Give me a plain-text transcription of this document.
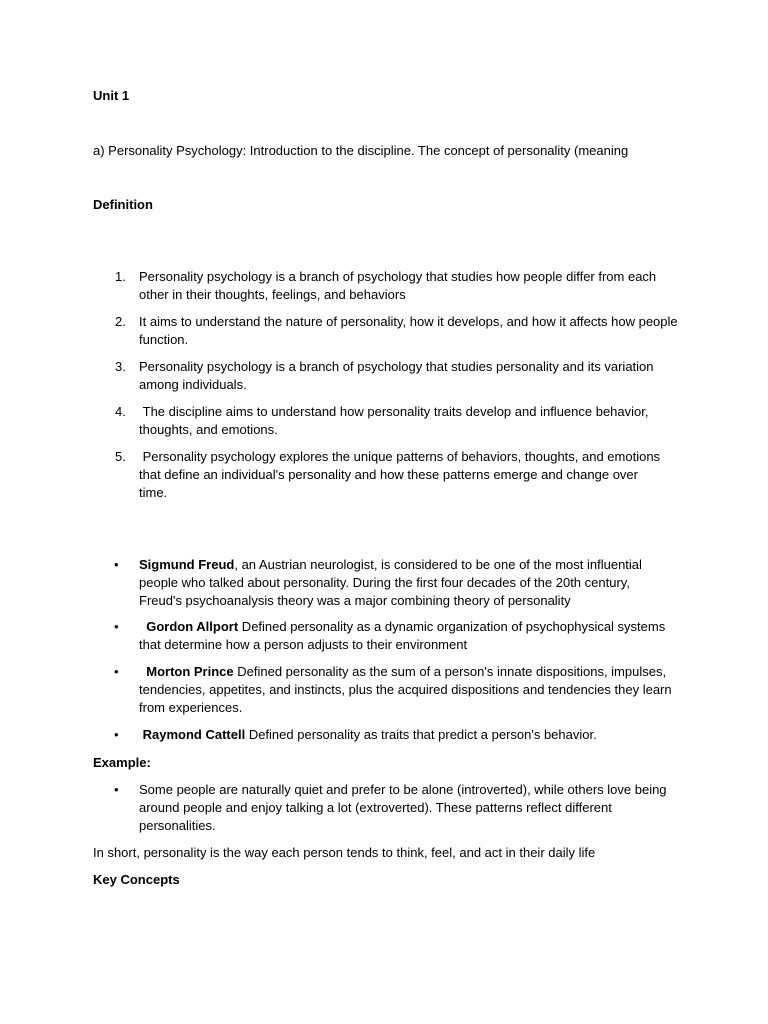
Unit 1
a) Personality Psychology: Introduction to the discipline. The concept of personality (meaning
Definition
1.	Personality psychology is a branch of psychology that studies how people differ from each other in their thoughts, feelings, and behaviors
2.	It aims to understand the nature of personality, how it develops, and how it affects how people function.
3.	Personality psychology is a branch of psychology that studies personality and its variation among individuals.
4.	The discipline aims to understand how personality traits develop and influence behavior, thoughts, and emotions.
5.	Personality psychology explores the unique patterns of behaviors, thoughts, and emotions that define an individual's personality and how these patterns emerge and change over time.
•	Sigmund Freud, an Austrian neurologist, is considered to be one of the most influential people who talked about personality. During the first four decades of the 20th century, Freud's psychoanalysis theory was a major combining theory of personality
•	Gordon Allport Defined personality as a dynamic organization of psychophysical systems that determine how a person adjusts to their environment
•	Morton Prince Defined personality as the sum of a person's innate dispositions, impulses, tendencies, appetites, and instincts, plus the acquired dispositions and tendencies they learn from experiences.
•	Raymond Cattell Defined personality as traits that predict a person's behavior.
Example:
•	Some people are naturally quiet and prefer to be alone (introverted), while others love being around people and enjoy talking a lot (extroverted). These patterns reflect different personalities.
In short, personality is the way each person tends to think, feel, and act in their daily life
Key Concepts
